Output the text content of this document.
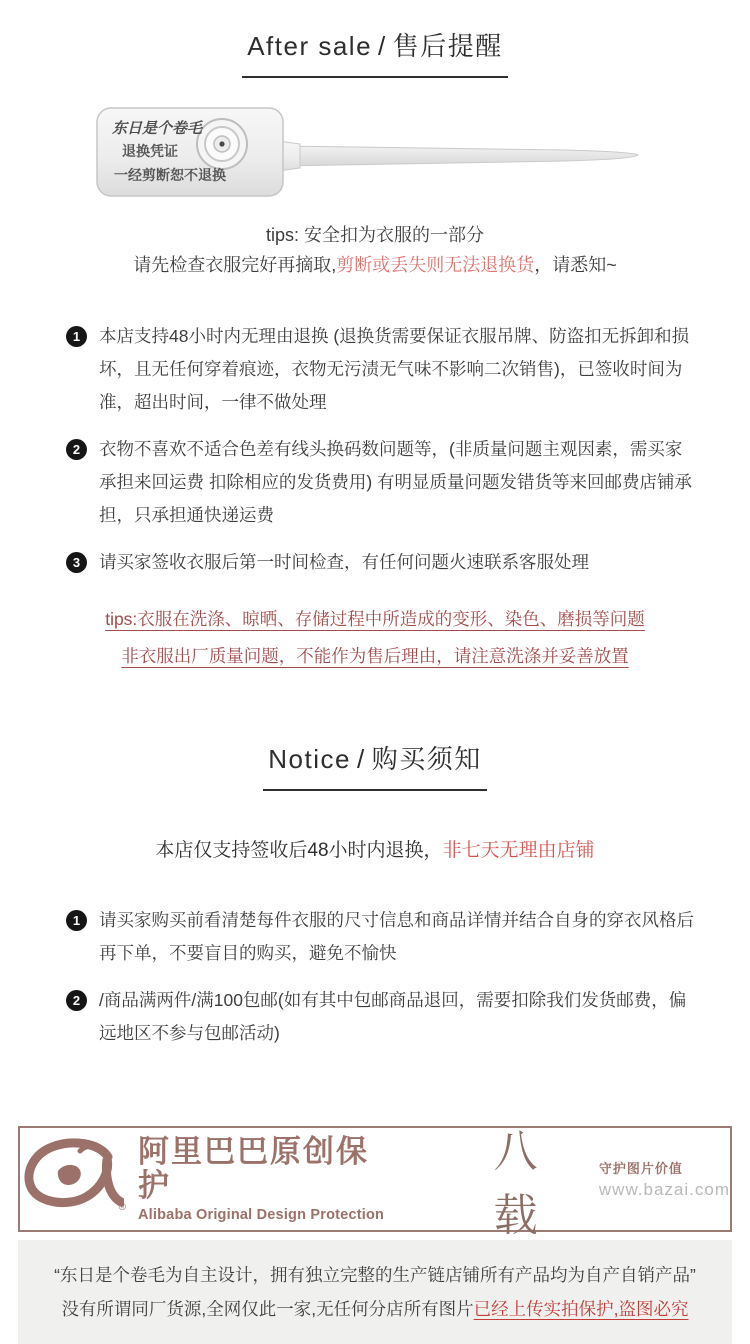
After sale / 售后提醒
东日是个卷毛
退换凭证
一经剪断恕不退换
tips: 安全扣为衣服的一部分
请先检查衣服完好再摘取,剪断或丢失则无法退换货，请悉知~
1	本店支持48小时内无理由退换 (退换货需要保证衣服吊牌、防盗扣无拆卸和损坏，且无任何穿着痕迹，衣物无污渍无气味不影响二次销售)，已签收时间为准，超出时间，一律不做处理

2	衣物不喜欢不适合色差有线头换码数问题等，(非质量问题主观因素，需买家承担来回运费 扣除相应的发货费用) 有明显质量问题发错货等来回邮费店铺承担，只承担通快递运费

3	请买家签收衣服后第一时间检查，有任何问题火速联系客服处理

tips:衣服在洗涤、晾晒、存储过程中所造成的变形、染色、磨损等问题
非衣服出厂质量问题，不能作为售后理由，请注意洗涤并妥善放置
Notice / 购买须知
本店仅支持签收后48小时内退换，非七天无理由店铺
1	请买家购买前看清楚每件衣服的尺寸信息和商品详情并结合自身的穿衣风格后再下单，不要盲目的购买，避免不愉快

2	/商品满两件/满100包邮(如有其中包邮商品退回，需要扣除我们发货邮费，偏远地区不参与包邮活动)

®
阿里巴巴原创保护
Alibaba Original Design Protection
八载
守护图片价值
www.bazai.com
“东日是个卷毛为自主设计，拥有独立完整的生产链店铺所有产品均为自产自销产品”
没有所谓同厂货源,全网仅此一家,无任何分店所有图片已经上传实拍保护,盗图必究
